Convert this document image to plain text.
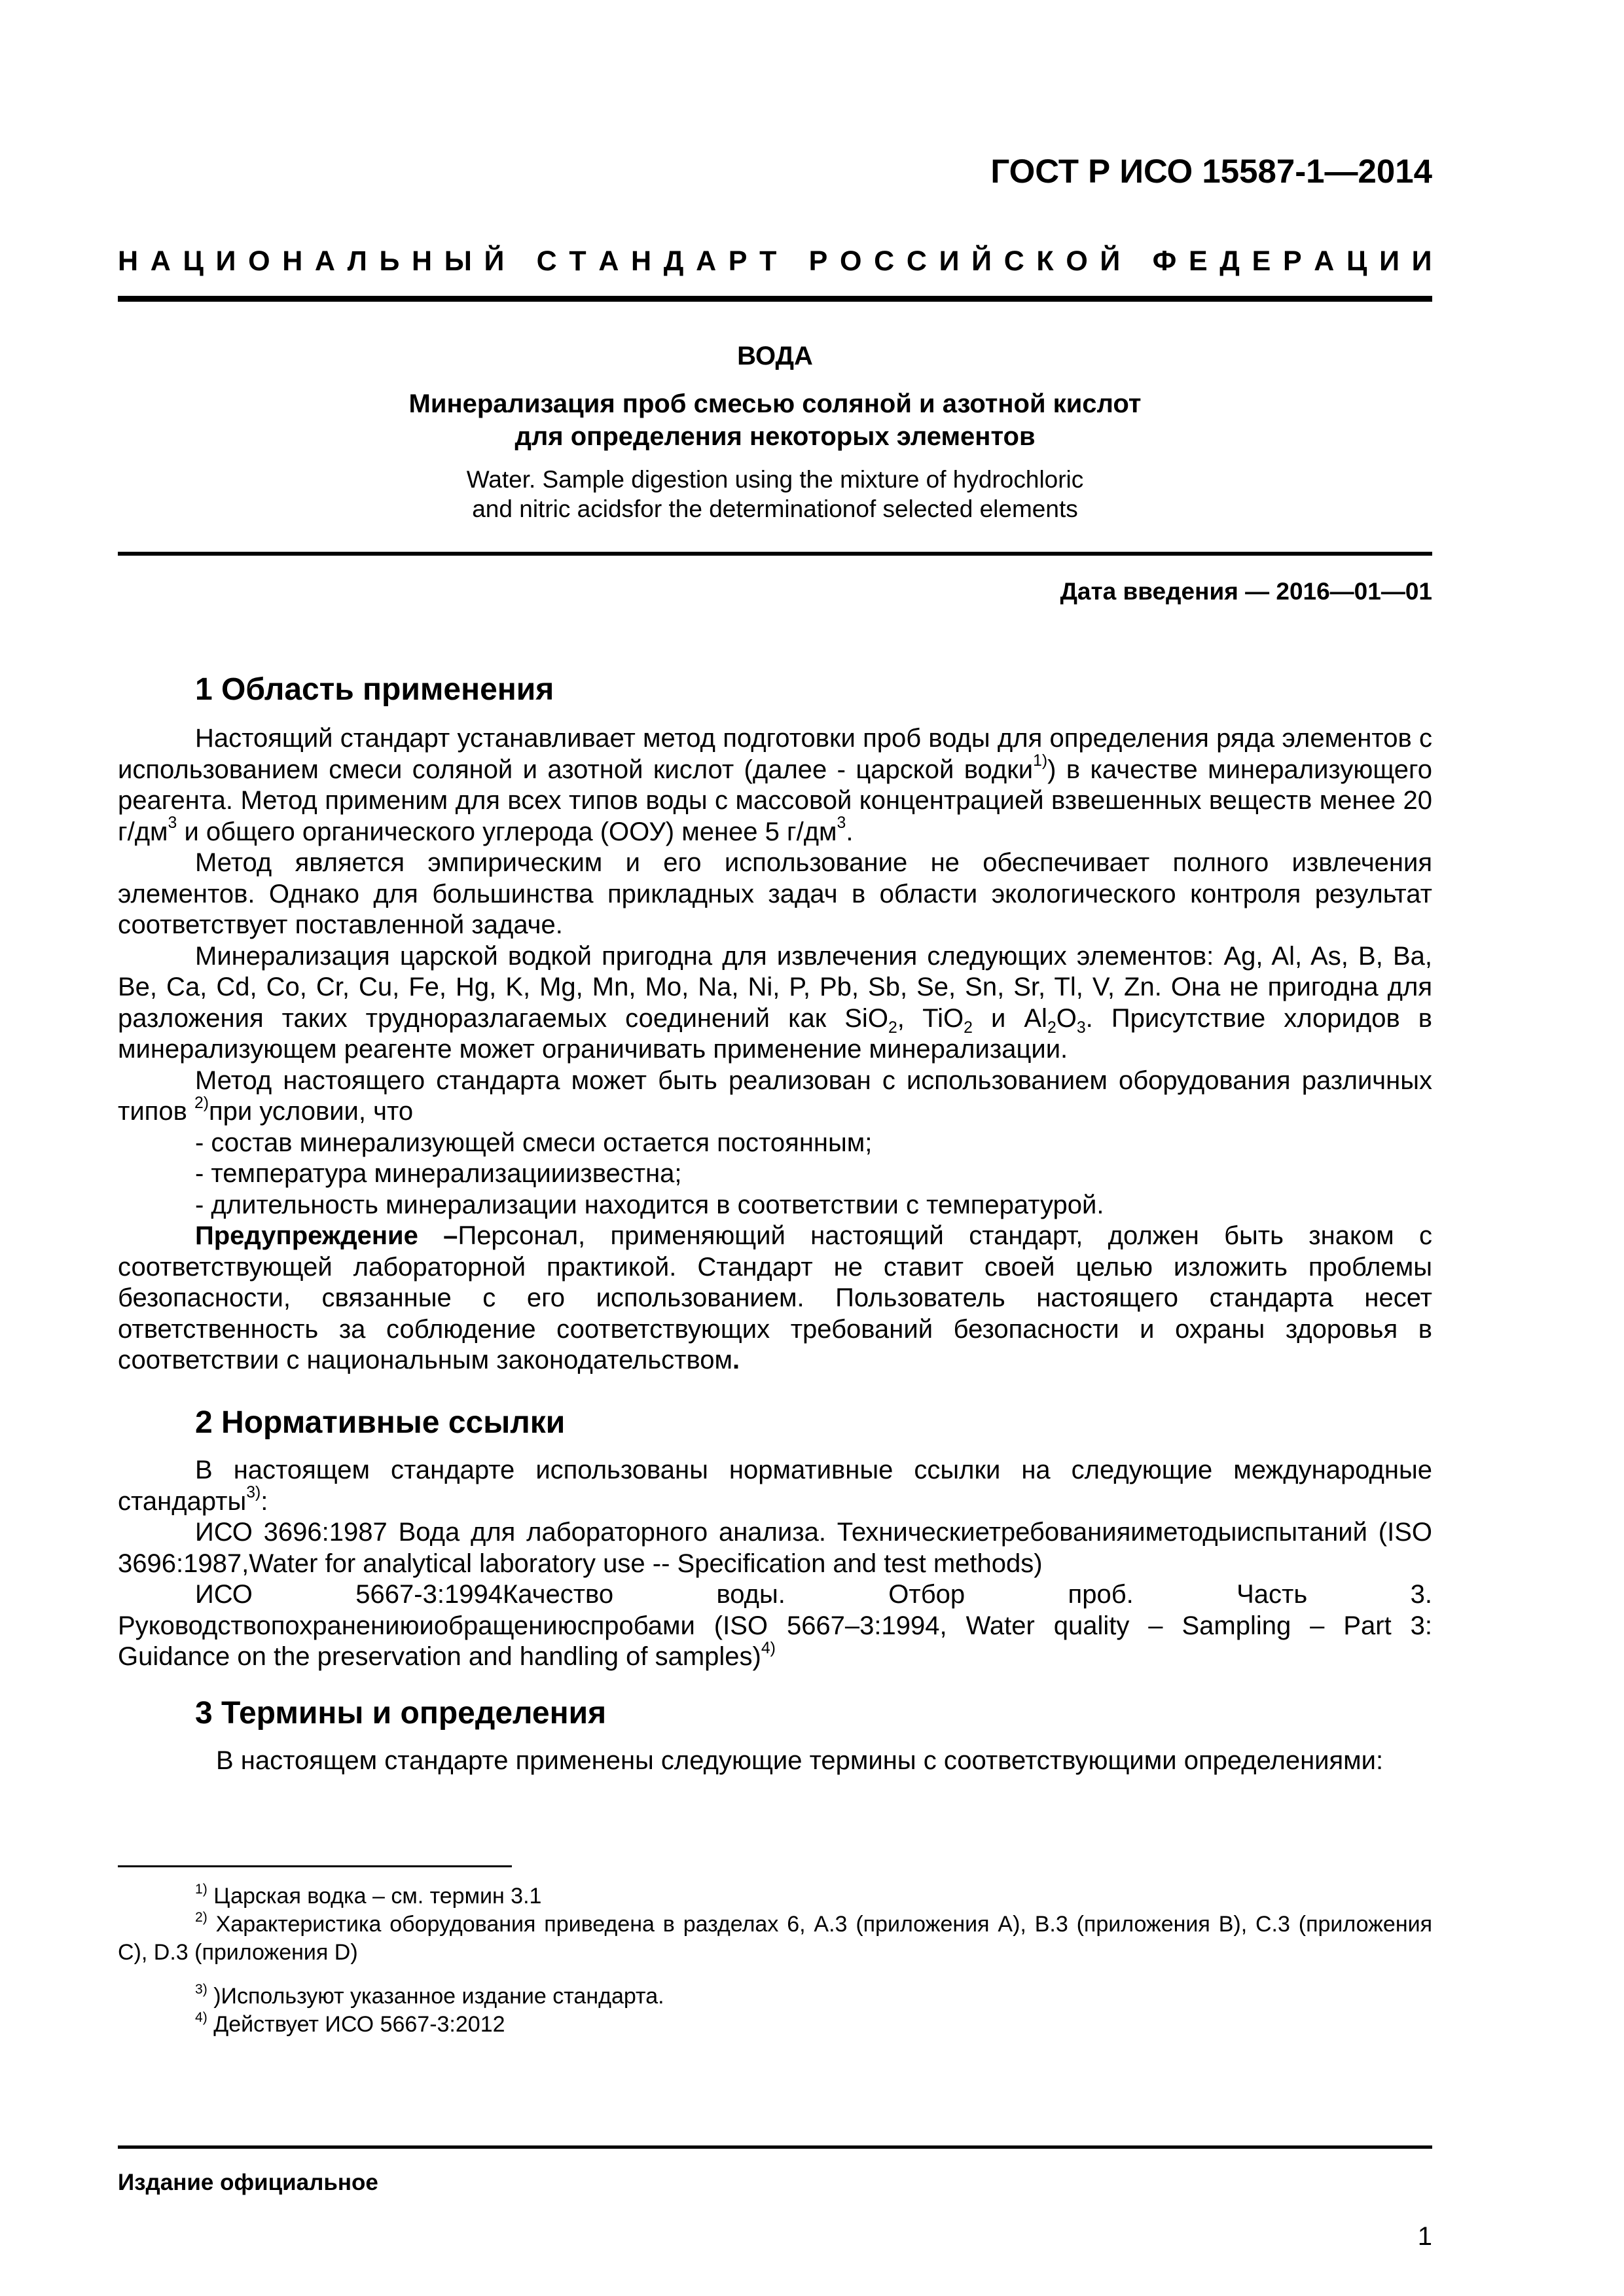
ГОСТ Р ИСО 15587-1—2014
Н А Ц И О Н А Л Ь Н Ы Й
С Т А Н Д А Р Т
Р О С С И Й С К О Й
Ф Е Д Е Р А Ц И И
ВОДА
Минерализация проб смесью соляной и азотной кислот
для определения некоторых элементов
Water. Sample digestion using the mixture of hydrochloric
and nitric acidsfor the determinationof selected elements
Дата введения — 2016—01—01
1 Область применения

Настоящий стандарт устанавливает метод подготовки проб воды для определения ряда элементов с использованием смеси соляной и азотной кислот (далее - царской водки$^{1)}$) в качестве минерализующего реагента. Метод применим для всех типов воды с массовой концентрацией взвешенных веществ менее 20 $г/дм^3$ и общего органического углерода (ООУ) менее 5 $г/дм^3$.

Метод является эмпирическим и его использование не обеспечивает полного извлечения элементов. Однако для большинства прикладных задач в области экологического контроля результат соответствует поставленной задаче.

Минерализация царской водкой пригодна для извлечения следующих элементов: Ag, Al, As, B, Ba, Be, Ca, Cd, Co, Cr, Cu, Fe, Hg, K, Mg, Mn, Mo, Na, Ni, P, Pb, Sb, Se, Sn, Sr, Tl, V, Zn. Она не пригодна для разложения таких трудноразлагаемых соединений как SiO$_2$, TiO$_2$ и $Al_2O_3$. Присутствие хлоридов в минерализующем реагенте может ограничивать применение минерализации.

Метод настоящего стандарта может быть реализован с использованием оборудования различных типов $^{2)}$при условии, что

- состав минерализующей смеси остается постоянным;

- температура минерализацииизвестна;

- длительность минерализации находится в соответствии с температурой.

Предупреждение –Персонал, применяющий настоящий стандарт, должен быть знаком с соответствующей лабораторной практикой. Стандарт не ставит своей целью изложить проблемы безопасности, связанные с его использованием. Пользователь настоящего стандарта несет ответственность за соблюдение соответствующих требований безопасности и охраны здоровья в соответствии с национальным законодательством.

2 Нормативные ссылки

В настоящем стандарте использованы нормативные ссылки на следующие международные стандарты$^{3)}$:

ИСО 3696:1987 Вода для лабораторного анализа. Техническиетребованияиметодыиспытаний (ISO 3696:1987,Water for analytical laboratory use -- Specification and test methods)

ИСО 5667-3:1994Качество воды. Отбор проб. Часть 3. Руководствопохранениюиобращениюспробами (ISO 5667–3:1994, Water quality – Sampling – Part 3: Guidance on the preservation and handling of samples)$^{4)}$

3 Термины и определения

В настоящем стандарте применены следующие термины с соответствующими определениями:

$^{1)}$ Царская водка – см. термин 3.1

$^{2)}$ Характеристика оборудования приведена в разделах 6, А.3 (приложения А), В.3 (приложения В), С.3 (приложения С), D.3 (приложения D)

$^{3)}$ )Используют указанное издание стандарта.

$^{4)}$ Действует ИСО 5667-3:2012

Издание официальное
1
